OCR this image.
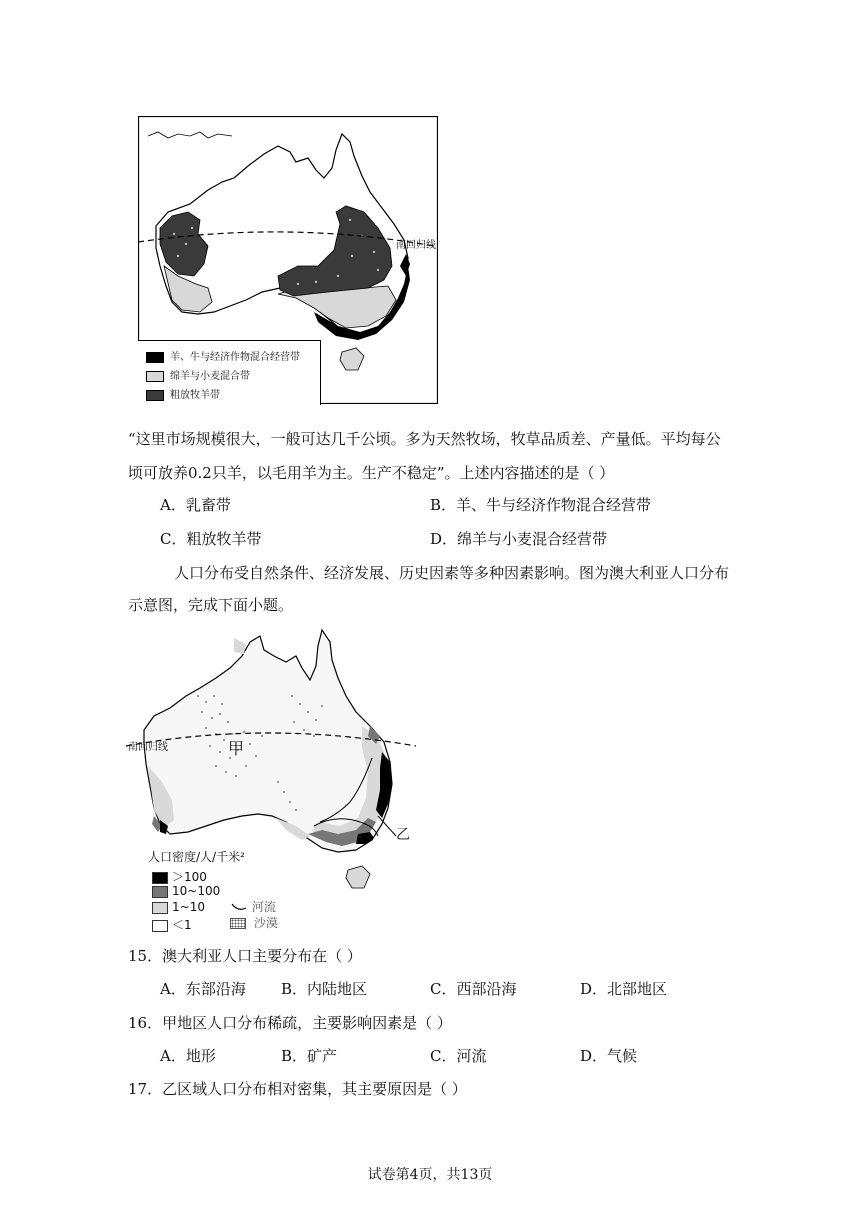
南回归线
羊、牛与经济作物混合经营带
绵羊与小麦混合带
粗放牧羊带
“这里市场规模很大，一般可达几千公顷。多为天然牧场，牧草品质差、产量低。平均每公
顷可放养0.2只羊，以毛用羊为主。生产不稳定”。上述内容描述的是（ ）
A．乳畜带	B．羊、牛与经济作物混合经营带
C．粗放牧羊带	D．绵羊与小麦混合经营带
人口分布受自然条件、经济发展、历史因素等多种因素影响。图为澳大利亚人口分布
示意图，完成下面小题。
南回归线	甲
乙
人口密度/人/千米²
＞100
10~100
1~10
＜1
河流
沙漠
15．澳大利亚人口主要分布在（ ）
A．东部沿海 B．内陆地区	C．西部沿海	D．北部地区
16．甲地区人口分布稀疏，主要影响因素是（ ）
A．地形	B．矿产	C．河流	D．气候
17．乙区域人口分布相对密集，其主要原因是（ ）
试卷第4页，共13页
